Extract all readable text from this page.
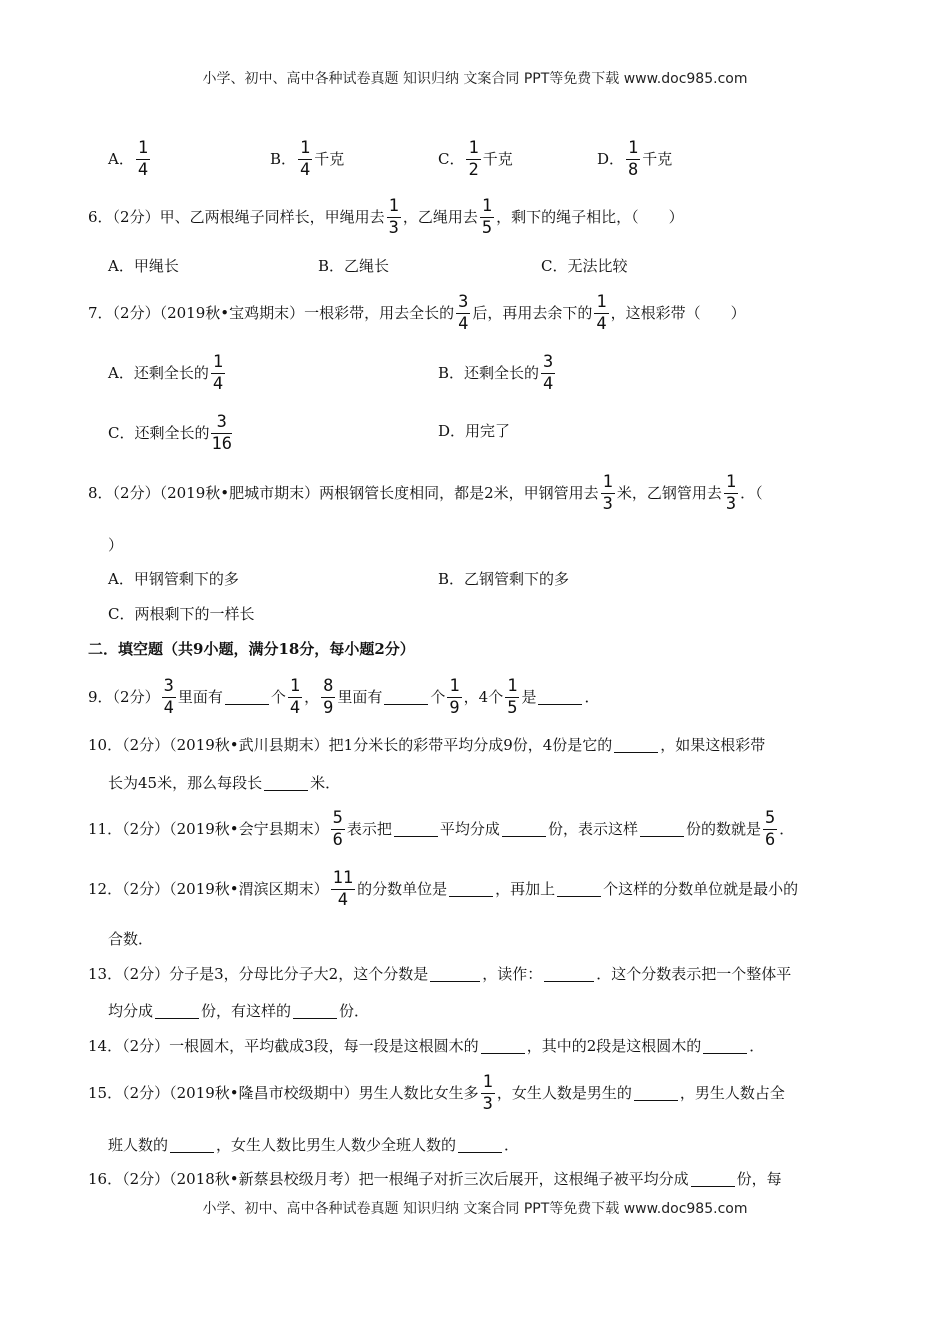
小学、初中、高中各种试卷真题 知识归纳 文案合同 PPT等免费下载 www.doc985.com
A． $\frac{1}{4}$	B． $\frac{1}{4}$ 千克	C． $\frac{1}{2}$ 千克	D． $\frac{1}{8}$ 千克
6．（2分）甲、乙两根绳子同样长，甲绳用去 $\frac{1}{3}$ ，乙绳用去 $\frac{1}{5}$ ，剩下的绳子相比，（　　）
A．甲绳长	B．乙绳长	C．无法比较
7．（2分）（2019秋•宝鸡期末）一根彩带，用去全长的 $\frac{3}{4}$ 后，再用去余下的 $\frac{1}{4}$ ，这根彩带（　　）
A．还剩全长的 $\frac{1}{4}$	B．还剩全长的 $\frac{3}{4}$
C．还剩全长的 $\frac{3}{16}$	D．用完了
8．（2分）（2019秋•肥城市期末）两根钢管长度相同，都是2米，甲钢管用去 $\frac{1}{3}$ 米，乙钢管用去 $\frac{1}{3}$ ．（
）
A．甲钢管剩下的多	B．乙钢管剩下的多
C．两根剩下的一样长
二．填空题（共9小题，满分18分，每小题2分）
9．（2分） $\frac{3}{4}$ 里面有	个 $\frac{1}{4}$ ， $\frac{8}{9}$ 里面有	个 $\frac{1}{9}$ ，4个 $\frac{1}{5}$ 是	．
10．（2分）（2019秋•武川县期末）把1分米长的彩带平均分成9份，4份是它的	，如果这根彩带
长为45米，那么每段长	米．
11．（2分）（2019秋•会宁县期末） $\frac{5}{6}$ 表示把	平均分成	份，表示这样	份的数就是 $\frac{5}{6}$ ．
12．（2分）（2019秋•渭滨区期末） $\frac{11}{4}$ 的分数单位是	，再加上	个这样的分数单位就是最小的
合数．
13．（2分）分子是3，分母比分子大2，这个分数是	，读作：	．这个分数表示把一个整体平
均分成	份，有这样的	份．
14．（2分）一根圆木，平均截成3段，每一段是这根圆木的	，其中的2段是这根圆木的	．
15．（2分）（2019秋•隆昌市校级期中）男生人数比女生多 $\frac{1}{3}$ ，女生人数是男生的	，男生人数占全
班人数的	，女生人数比男生人数少全班人数的	．
16．（2分）（2018秋•新蔡县校级月考）把一根绳子对折三次后展开，这根绳子被平均分成	份，每
小学、初中、高中各种试卷真题 知识归纳 文案合同 PPT等免费下载 www.doc985.com
